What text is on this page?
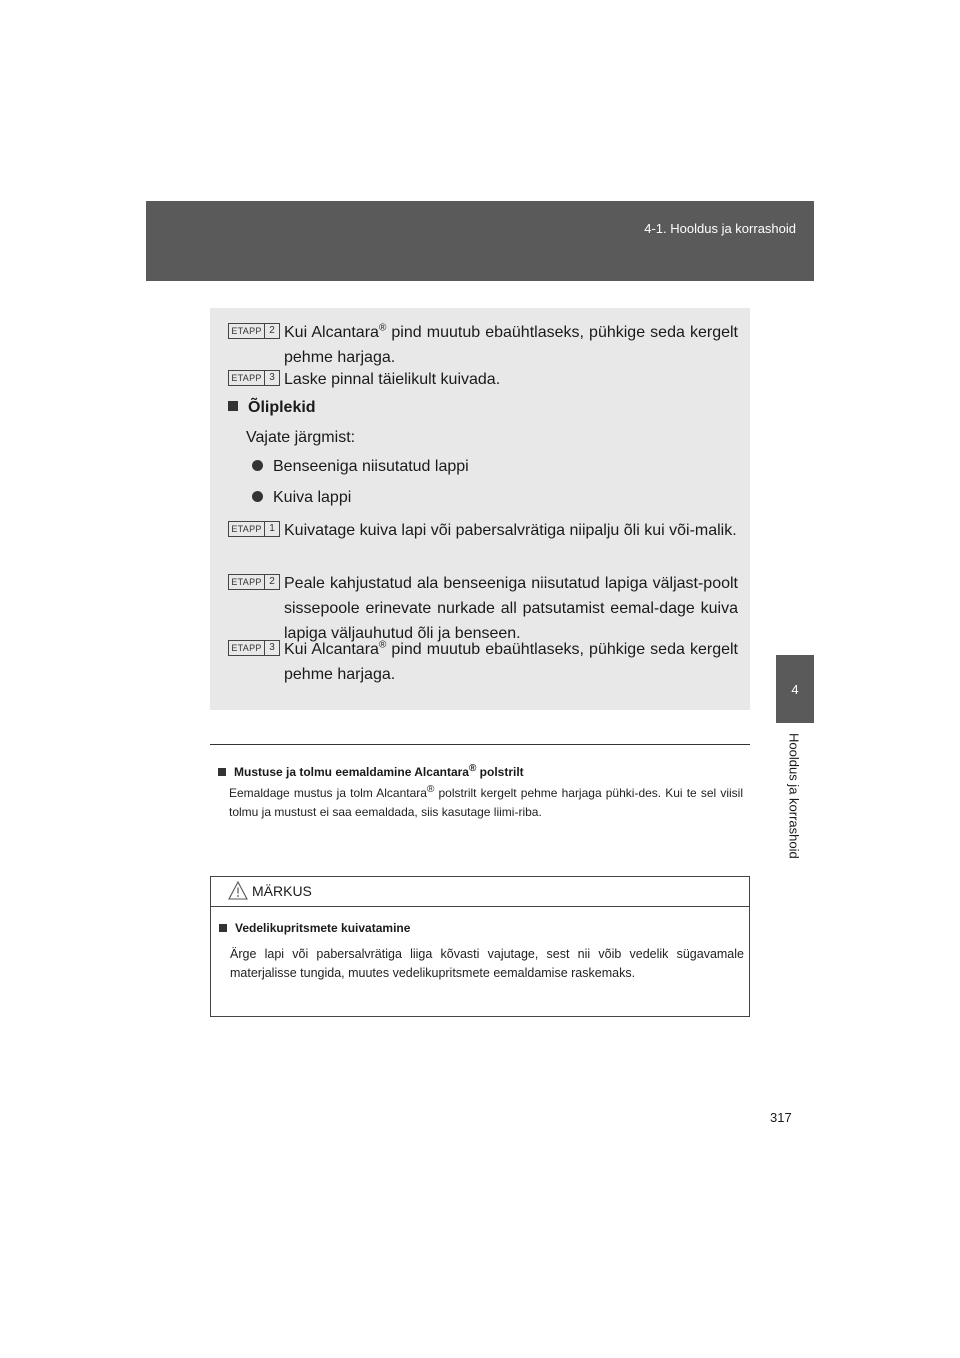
4-1. Hooldus ja korrashoid
4
Hooldus ja korrashoid
ETAPP 2 Kui Alcantara® pind muutub ebaühtlaseks, pühkige seda kergelt pehme harjaga.
ETAPP 3 Laske pinnal täielikult kuivada.
Õliplekid
Vajate järgmist:
Benseeniga niisutatud lappi
Kuiva lappi
ETAPP 1 Kuivatage kuiva lapi või pabersalvrätiga niipalju õli kui või-malik.
ETAPP 2 Peale kahjustatud ala benseeniga niisutatud lapiga väljast-poolt sissepoole erinevate nurkade all patsutamist eemal-dage kuiva lapiga väljauhutud õli ja benseen.
ETAPP 3 Kui Alcantara® pind muutub ebaühtlaseks, pühkige seda kergelt pehme harjaga.
Mustuse ja tolmu eemaldamine Alcantara® polstrilt
Eemaldage mustus ja tolm Alcantara® polstrilt kergelt pehme harjaga pühki-des. Kui te sel viisil tolmu ja mustust ei saa eemaldada, siis kasutage liimi-riba.
MÄRKUS
Vedelikupritsmete kuivatamine
Ärge lapi või pabersalvrätiga liiga kõvasti vajutage, sest nii võib vedelik sügavamale materjalisse tungida, muutes vedelikupritsmete eemaldamise raskemaks.
317
